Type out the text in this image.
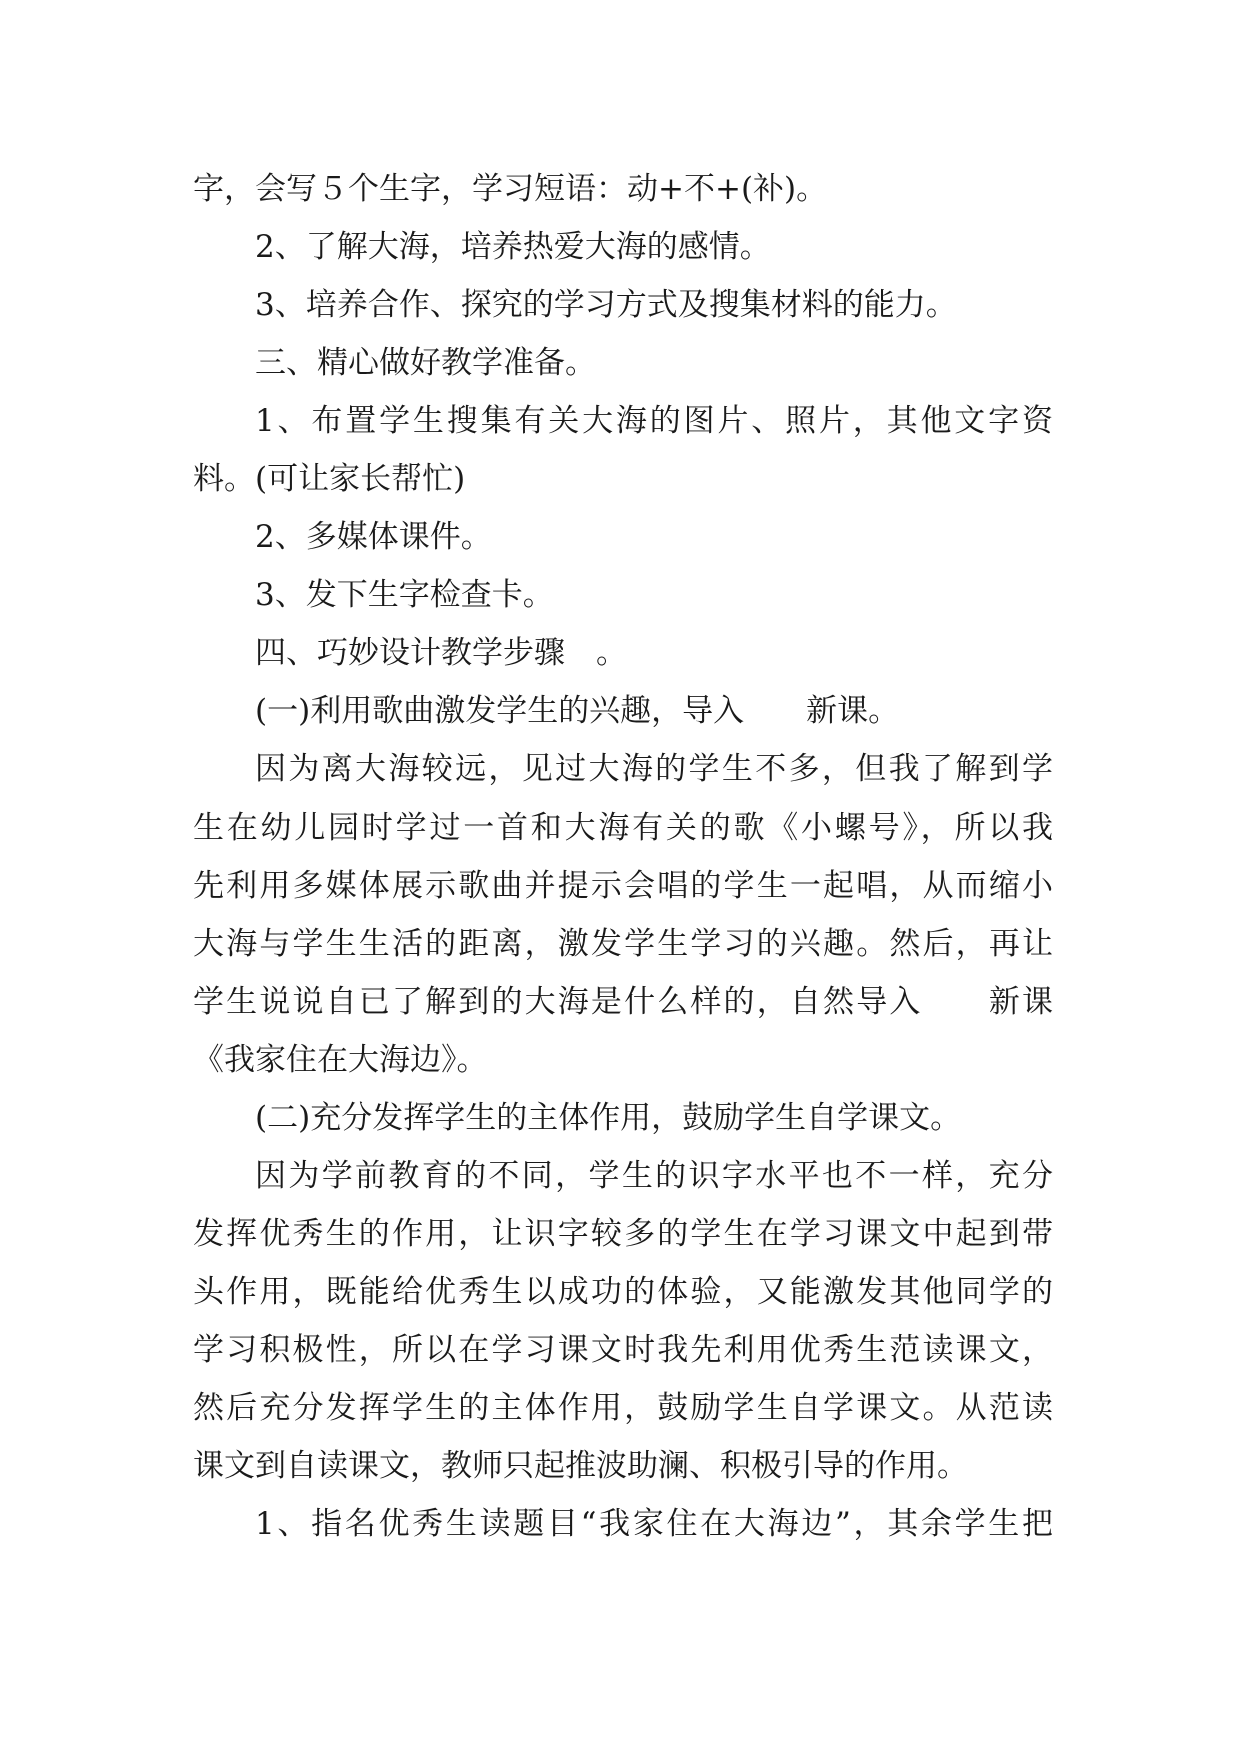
字，会写５个生字，学习短语：动+不+(补)。
2、了解大海，培养热爱大海的感情。
3、培养合作、探究的学习方式及搜集材料的能力。
三、精心做好教学准备。
1、布置学生搜集有关大海的图片、照片，其他文字资
料。(可让家长帮忙)
2、多媒体课件。
3、发下生字检查卡。
四、巧妙设计教学步骤　。
(一)利用歌曲激发学生的兴趣，导入　　新课。
因为离大海较远，见过大海的学生不多，但我了解到学
生在幼儿园时学过一首和大海有关的歌《小螺号》，所以我
先利用多媒体展示歌曲并提示会唱的学生一起唱，从而缩小
大海与学生生活的距离，激发学生学习的兴趣。然后，再让
学生说说自已了解到的大海是什么样的，自然导入　　新课
《我家住在大海边》。
(二)充分发挥学生的主体作用，鼓励学生自学课文。
因为学前教育的不同，学生的识字水平也不一样，充分
发挥优秀生的作用，让识字较多的学生在学习课文中起到带
头作用，既能给优秀生以成功的体验，又能激发其他同学的
学习积极性，所以在学习课文时我先利用优秀生范读课文，
然后充分发挥学生的主体作用，鼓励学生自学课文。从范读
课文到自读课文，教师只起推波助澜、积极引导的作用。
1、指名优秀生读题目“我家住在大海边”，其余学生把
